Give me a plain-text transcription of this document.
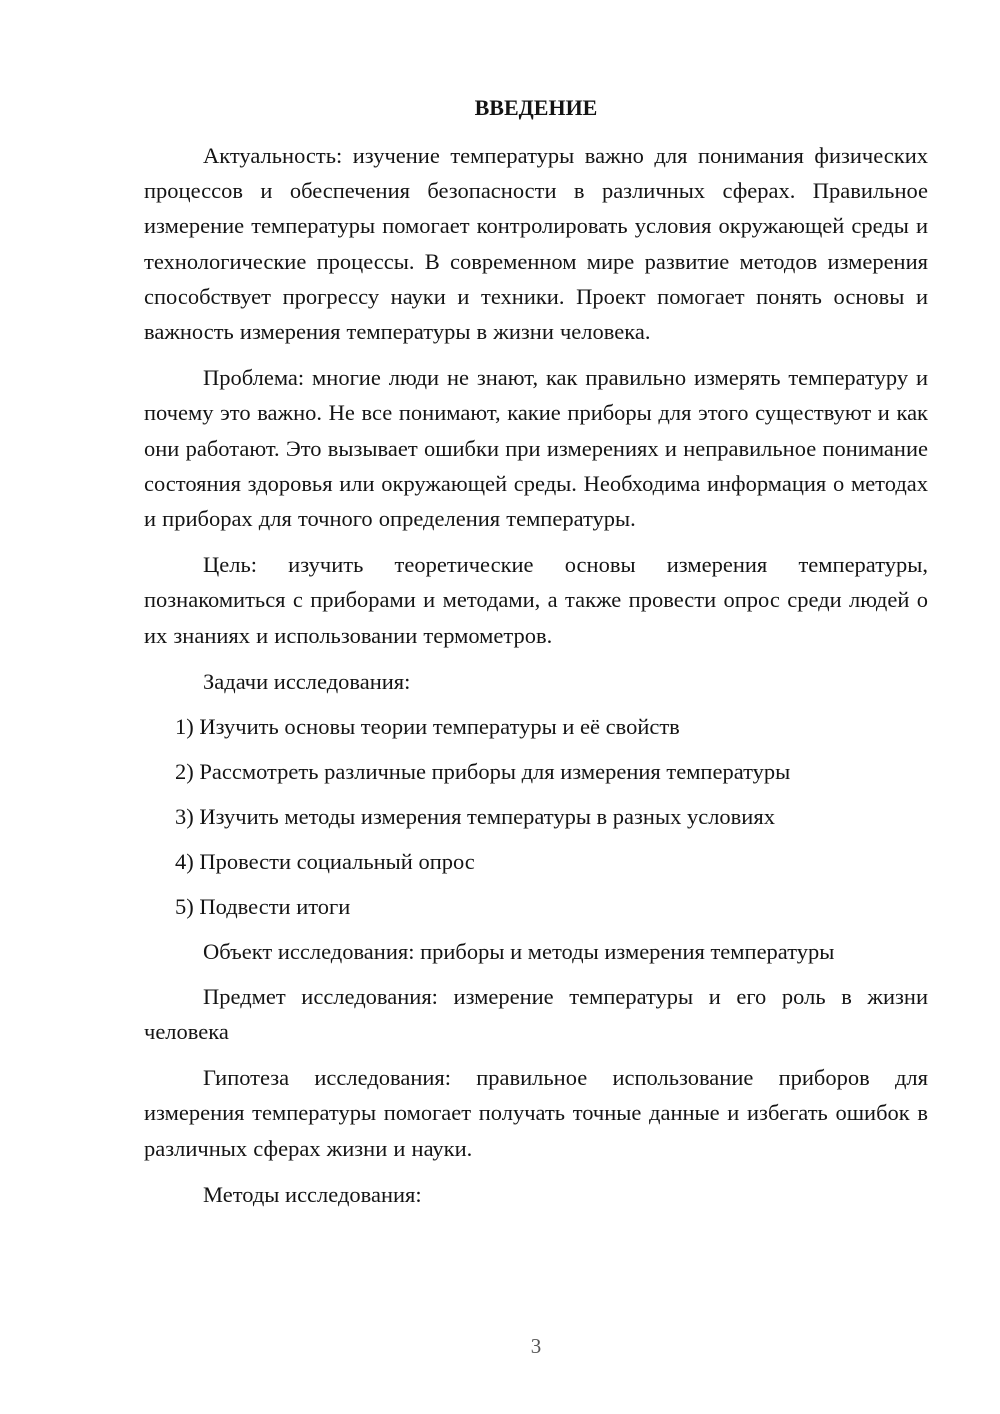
ВВЕДЕНИЕ

Актуальность: изучение температуры важно для понимания физических процессов и обеспечения безопасности в различных сферах. Правильное измерение температуры помогает контролировать условия окружающей среды и технологические процессы. В современном мире развитие методов измерения способствует прогрессу науки и техники. Проект помогает понять основы и важность измерения температуры в жизни человека.

Проблема: многие люди не знают, как правильно измерять температуру и почему это важно. Не все понимают, какие приборы для этого существуют и как они работают. Это вызывает ошибки при измерениях и неправильное понимание состояния здоровья или окружающей среды. Необходима информация о методах и приборах для точного определения температуры.

Цель: изучить теоретические основы измерения температуры, познакомиться с приборами и методами, а также провести опрос среди людей о их знаниях и использовании термометров.

Задачи исследования:

1) Изучить основы теории температуры и её свойств

2) Рассмотреть различные приборы для измерения температуры

3) Изучить методы измерения температуры в разных условиях

4) Провести социальный опрос

5) Подвести итоги

Объект исследования: приборы и методы измерения температуры

Предмет исследования: измерение температуры и его роль в жизни человека

Гипотеза исследования: правильное использование приборов для измерения температуры помогает получать точные данные и избегать ошибок в различных сферах жизни и науки.

Методы исследования:

3
